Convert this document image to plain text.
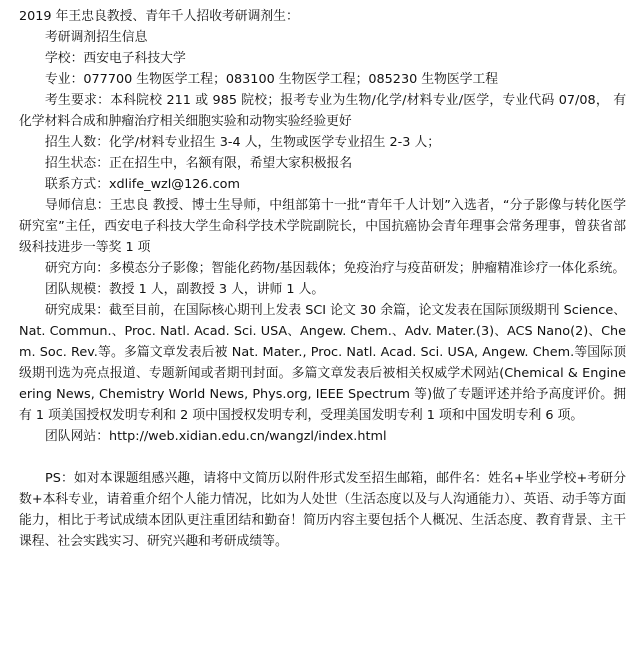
2019 年王忠良教授、青年千人招收考研调剂生：

考研调剂招生信息

学校：西安电子科技大学

专业：077700 生物医学工程；083100 生物医学工程；085230 生物医学工程

考生要求：本科院校 211 或 985 院校；报考专业为生物/化学/材料专业/医学，专业代码 07/08， 有化学材料合成和肿瘤治疗相关细胞实验和动物实验经验更好

招生人数：化学/材料专业招生 3-4 人，生物或医学专业招生 2-3 人；

招生状态：正在招生中，名额有限，希望大家积极报名

联系方式：xdlife_wzl@126.com

导师信息：王忠良 教授、博士生导师，中组部第十一批“青年千人计划”入选者，“分子影像与转化医学研究室”主任，西安电子科技大学生命科学技术学院副院长，中国抗癌协会青年理事会常务理事，曾获省部级科技进步一等奖 1 项

研究方向：多模态分子影像；智能化药物/基因载体；免疫治疗与疫苗研发；肿瘤精准诊疗一体化系统。

团队规模：教授 1 人，副教授 3 人，讲师 1 人。

研究成果：截至目前，在国际核心期刊上发表 SCI 论文 30 余篇，论文发表在国际顶级期刊 Science、Nat. Commun.、Proc. Natl. Acad. Sci. USA、Angew. Chem.、Adv. Mater.(3)、ACS Nano(2)、Chem. Soc. Rev.等。多篇文章发表后被 Nat. Mater., Proc. Natl. Acad. Sci. USA, Angew. Chem.等国际顶级期刊选为亮点报道、专题新闻或者期刊封面。多篇文章发表后被相关权威学术网站(Chemical & Engineering News, Chemistry World News, Phys.org, IEEE Spectrum 等)做了专题评述并给予高度评价。拥有 1 项美国授权发明专利和 2 项中国授权发明专利，受理美国发明专利 1 项和中国发明专利 6 项。

团队网站：http://web.xidian.edu.cn/wangzl/index.html

PS：如对本课题组感兴趣，请将中文简历以附件形式发至招生邮箱，邮件名：姓名+毕业学校+考研分数+本科专业，请着重介绍个人能力情况，比如为人处世（生活态度以及与人沟通能力）、英语、动手等方面能力，相比于考试成绩本团队更注重团结和勤奋！简历内容主要包括个人概况、生活态度、教育背景、主干课程、社会实践实习、研究兴趣和考研成绩等。
